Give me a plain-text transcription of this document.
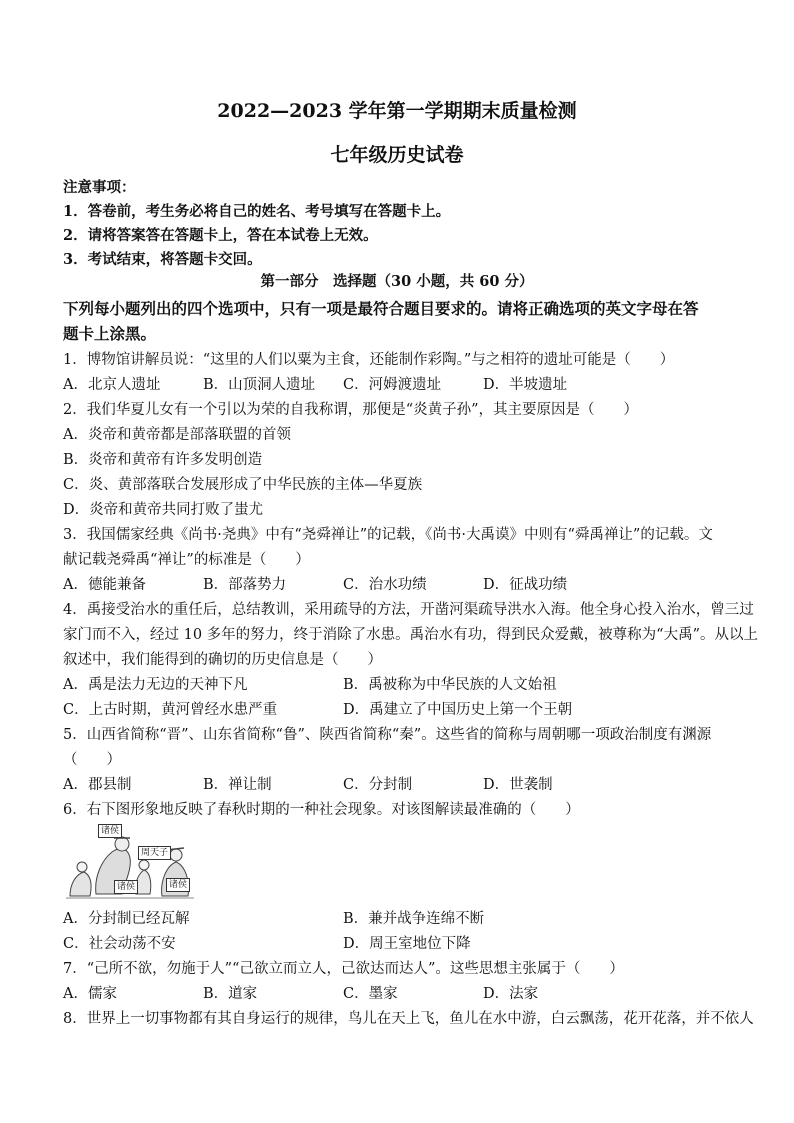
2022—2023 学年第一学期期末质量检测
七年级历史试卷
注意事项：
1．答卷前，考生务必将自己的姓名、考号填写在答题卡上。
2．请将答案答在答题卡上，答在本试卷上无效。
3．考试结束，将答题卡交回。
第一部分　选择题（30 小题，共 60 分）
下列每小题列出的四个选项中，只有一项是最符合题目要求的。请将正确选项的英文字母在答
题卡上涂黑。
1．博物馆讲解员说：“这里的人们以粟为主食，还能制作彩陶。”与之相符的遗址可能是（　　）
A．北京人遗址	B．山顶洞人遗址 C．河姆渡遗址	D．半坡遗址
2．我们华夏儿女有一个引以为荣的自我称谓，那便是“炎黄子孙”，其主要原因是（　　）
A．炎帝和黄帝都是部落联盟的首领
B．炎帝和黄帝有许多发明创造
C．炎、黄部落联合发展形成了中华民族的主体—华夏族
D．炎帝和黄帝共同打败了蚩尤
3．我国儒家经典《尚书·尧典》中有“尧舜禅让”的记载，《尚书·大禹谟》中则有“舜禹禅让”的记载。文
献记载尧舜禹“禅让”的标准是（　　）
A．德能兼备	B．部落势力	C．治水功绩	D．征战功绩
4．禹接受治水的重任后，总结教训，采用疏导的方法，开凿河渠疏导洪水入海。他全身心投入治水，曾三过
家门而不入，经过 10 多年的努力，终于消除了水患。禹治水有功，得到民众爱戴，被尊称为“大禹”。从以上
叙述中，我们能得到的确切的历史信息是（　　）
A．禹是法力无边的天神下凡	B．禹被称为中华民族的人文始祖
C．上古时期，黄河曾经水患严重	D．禹建立了中国历史上第一个王朝
5．山西省简称“晋”、山东省简称“鲁”、陕西省简称“秦”。这些省的简称与周朝哪一项政治制度有渊源
（　　）
A．郡县制	B．禅让制	C．分封制	D．世袭制
6．右下图形象地反映了春秋时期的一种社会现象。对该图解读最准确的（　　）
诸侯
周天子
诸侯	诸侯
A．分封制已经瓦解	B．兼并战争连绵不断
C．社会动荡不安	D．周王室地位下降
7．“己所不欲，勿施于人”“己欲立而立人，己欲达而达人”。这些思想主张属于（　　）
A．儒家	B．道家	C．墨家	D．法家
8．世界上一切事物都有其自身运行的规律，鸟儿在天上飞，鱼儿在水中游，白云飘荡，花开花落，并不依人
